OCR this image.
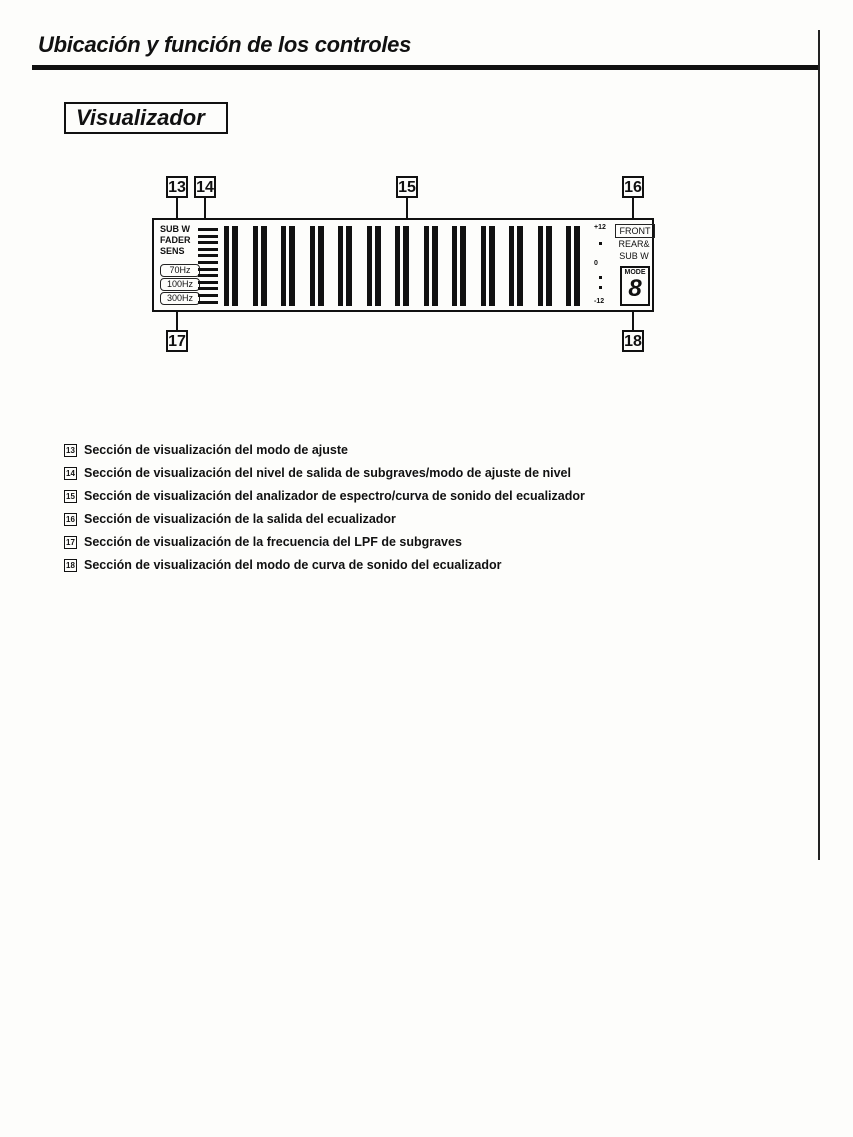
Ubicación y función de los controles
Visualizador
13 14	15	16
SUB W
FADER
SENS
70Hz
100Hz
300Hz
+12
0
-12
FRONT
REAR&
SUB W
MODE
8
17	18
13 Sección de visualización del modo de ajuste
14 Sección de visualización del nivel de salida de subgraves/modo de ajuste de nivel
15 Sección de visualización del analizador de espectro/curva de sonido del ecualizador
16 Sección de visualización de la salida del ecualizador
17 Sección de visualización de la frecuencia del LPF de subgraves
18 Sección de visualización del modo de curva de sonido del ecualizador
